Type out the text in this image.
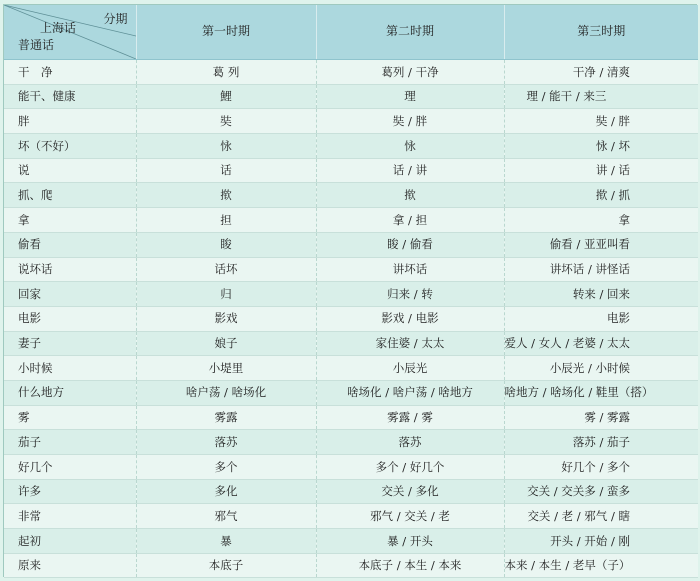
分期
上海话
普通话	第一时期	第二时期	第三时期
干　净	葛 列	葛列 / 干净	干净 / 清爽
能干、健康	鯉	理	理 / 能干 / 来三
胖	奘	奘 / 胖	奘 / 胖
坏（不好）	怺	怺	怺 / 坏
说	话	话 / 讲	讲 / 话
抓、爬	揿	揿	揿 / 抓
拿	担	拿 / 担	拿
偷看	睃	睃 / 偷看	偷看 / 亚亚叫看
说坏话	话坏	讲坏话	讲坏话 / 讲怪话
回家	归	归来 / 转	转来 / 回来
电影	影戏	影戏 / 电影	电影
妻子	娘子	家住婆 / 太太	爱人 / 女人 / 老婆 / 太太
小时候	小堤里	小辰光	小辰光 / 小时候
什么地方	啥户荡 / 啥场化	啥场化 / 啥户荡 / 啥地方	啥地方 / 啥场化 / 鞋里（搭）
雾	雾露	雾露 / 雾	雾 / 雾露
茄子	落苏	落苏	落苏 / 茄子
好几个	多个	多个 / 好几个	好几个 / 多个
许多	多化	交关 / 多化	交关 / 交关多 / 蛮多
非常	邪气	邪气 / 交关 / 老	交关 / 老 / 邪气 / 瞎
起初	暴	暴 / 开头	开头 / 开始 / 刚
原来	本底子	本底子 / 本生 / 本来	本来 / 本生 / 老早（子）
